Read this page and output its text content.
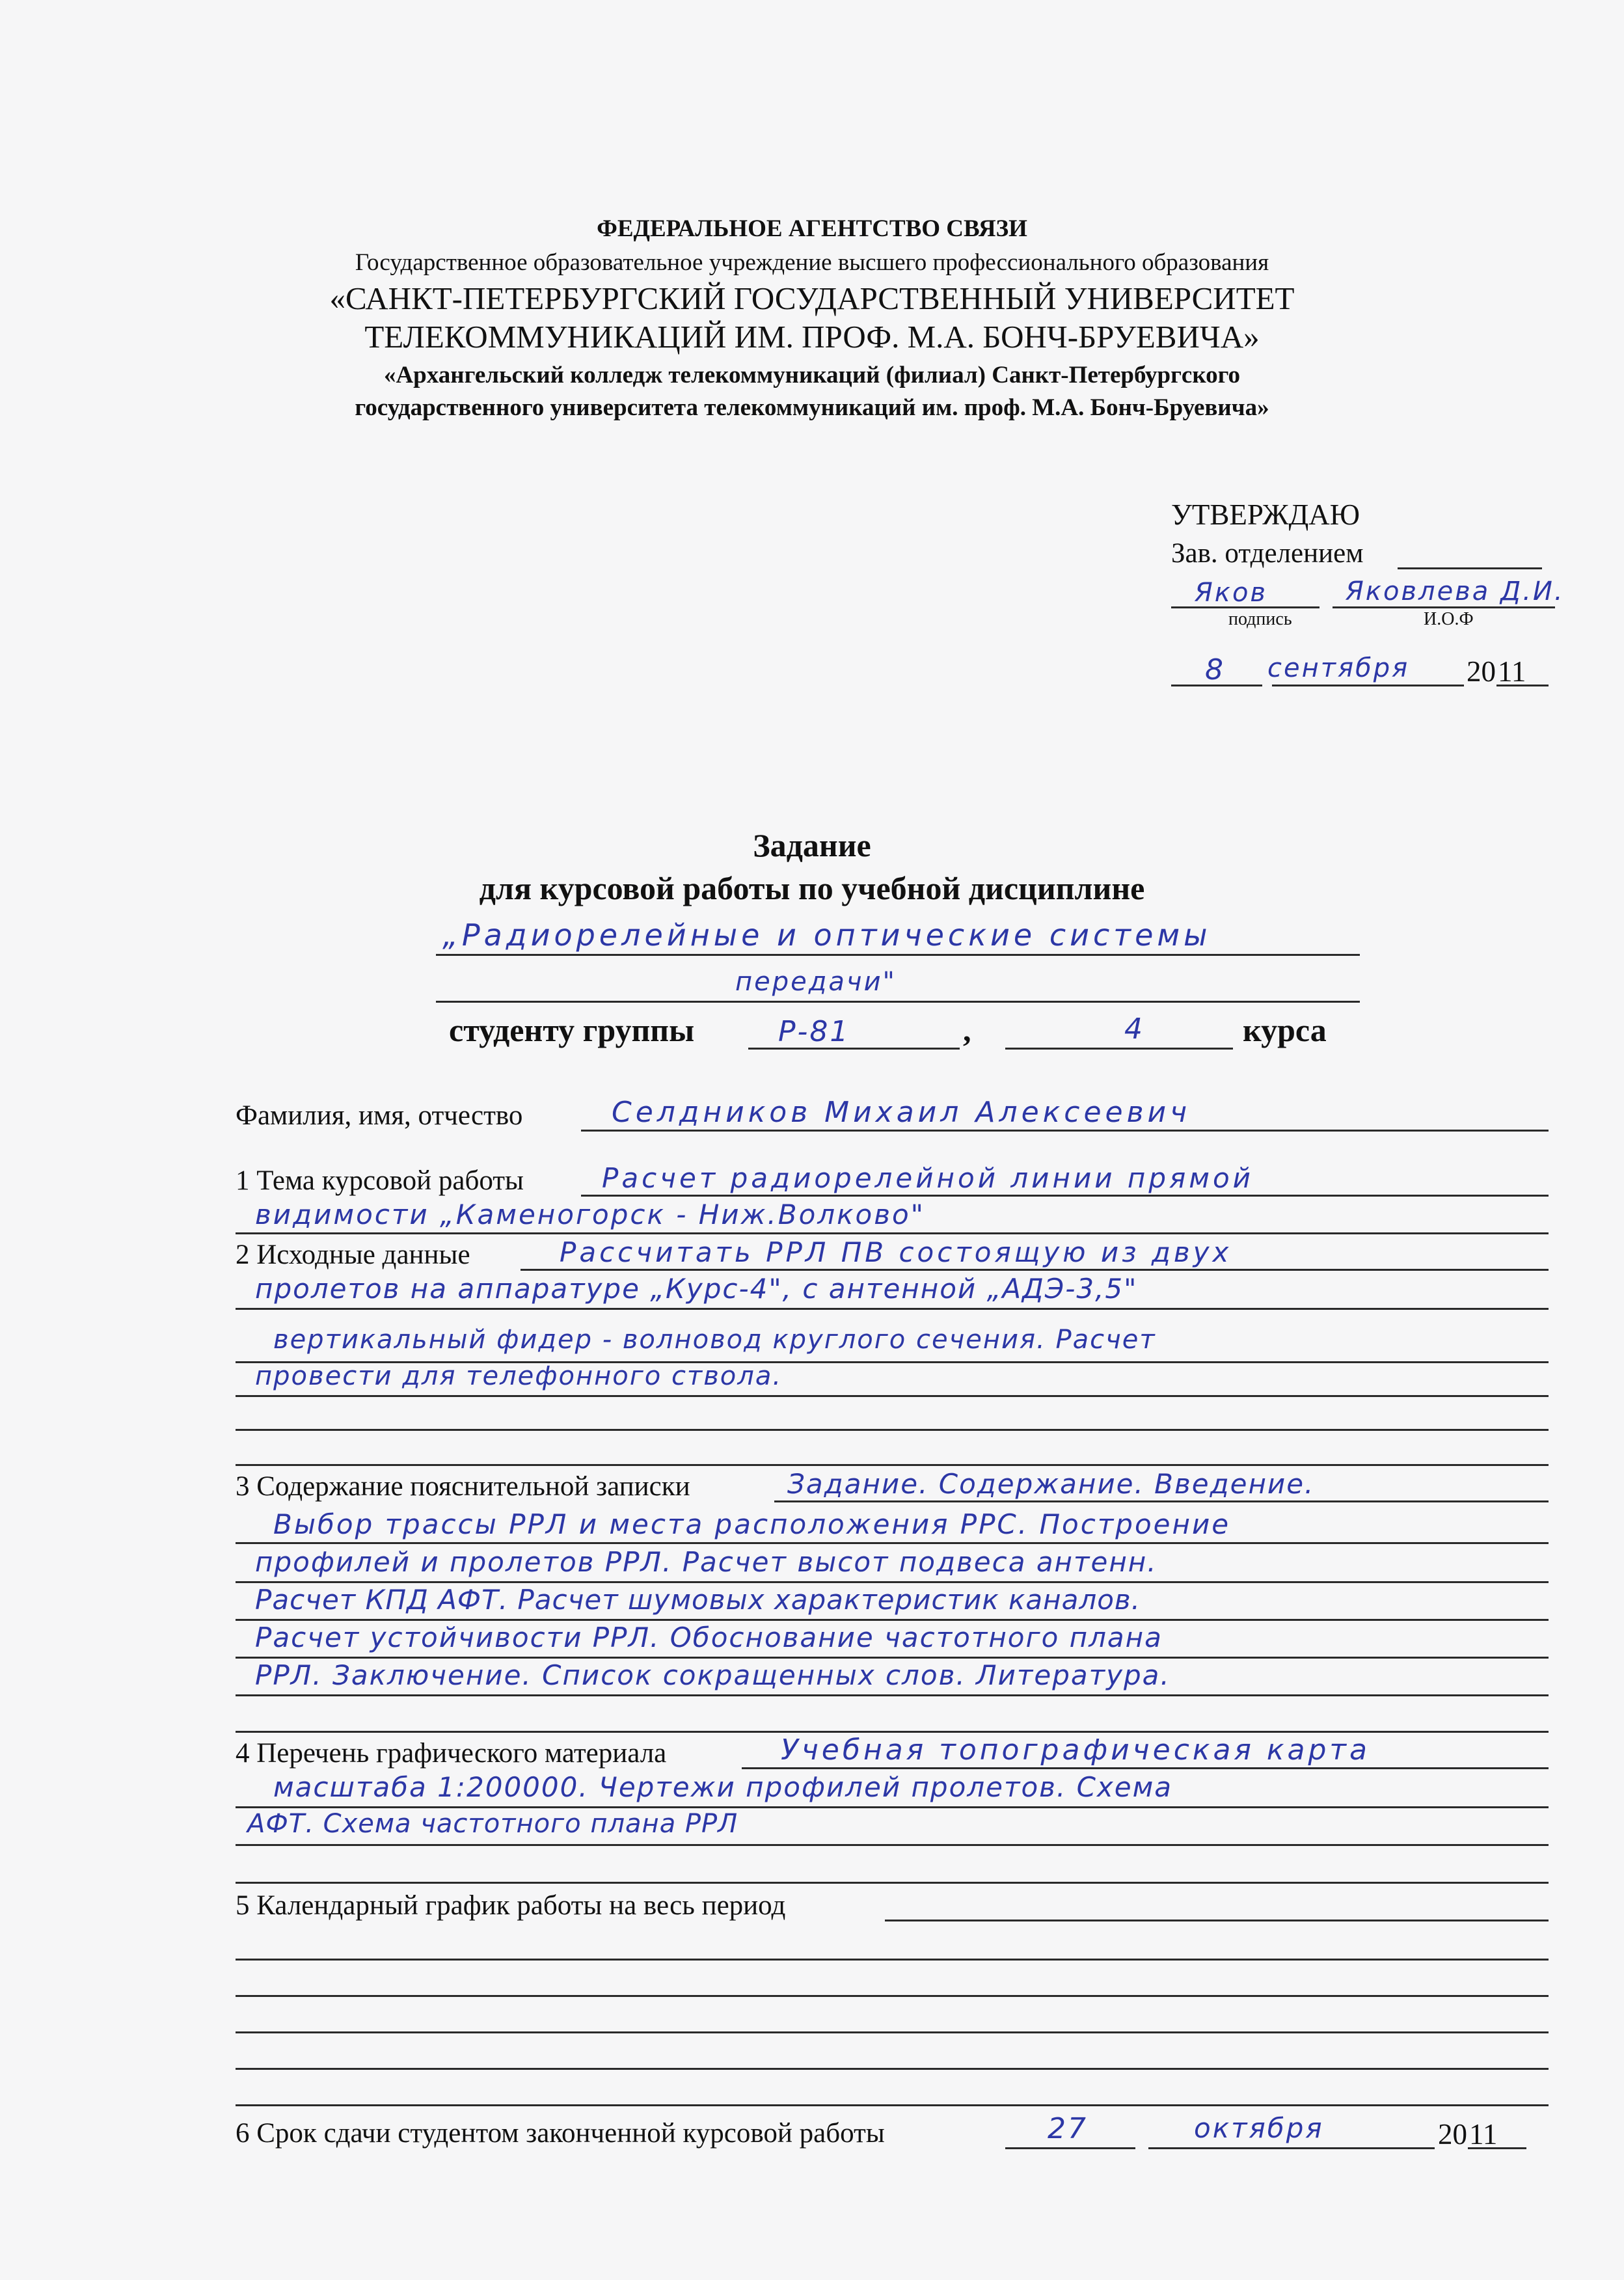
ФЕДЕРАЛЬНОЕ АГЕНТСТВО СВЯЗИ
Государственное образовательное учреждение высшего профессионального образования
«САНКТ-ПЕТЕРБУРГСКИЙ ГОСУДАРСТВЕННЫЙ УНИВЕРСИТЕТ
ТЕЛЕКОММУНИКАЦИЙ ИМ. ПРОФ. М.А. БОНЧ-БРУЕВИЧА»
«Архангельский колледж телекоммуникаций (филиал) Санкт-Петербургского
государственного университета телекоммуникаций им. проф. М.А. Бонч-Бруевича»
УТВЕРЖДАЮ
Зав. отделением
Яков
подпись
Яковлева Д.И.
И.О.Ф
8 сентября 20 11
Задание
для курсовой работы по учебной дисциплине
„Радиорелейные и оптические системы
передачи"
студенту группы	Р-81	,	4	курса
Фамилия, имя, отчество	Селдников Михаил Алексеевич
1 Тема курсовой работы	Расчет радиорелейной линии прямой
видимости „Каменогорск - Ниж.Волково"
2 Исходные данные	Рассчитать РРЛ ПВ состоящую из двух
пролетов на аппаратуре „Курс-4", с антенной „АДЭ-3,5"
вертикальный фидер - волновод круглого сечения. Расчет
провести для телефонного ствола.
3 Содержание пояснительной записки	Задание. Содержание. Введение.
Выбор трассы РРЛ и места расположения РРС. Построение
профилей и пролетов РРЛ. Расчет высот подвеса антенн.
Расчет КПД АФТ. Расчет шумовых характеристик каналов.
Расчет устойчивости РРЛ. Обоснование частотного плана
РРЛ. Заключение. Список сокращенных слов. Литература.
4 Перечень графического материала	Учебная топографическая карта
масштаба 1:200000. Чертежи профилей пролетов. Схема
АФТ. Схема частотного плана РРЛ
5 Календарный график работы на весь период
6 Срок сдачи студентом законченной курсовой работы	27	октября	20 11
